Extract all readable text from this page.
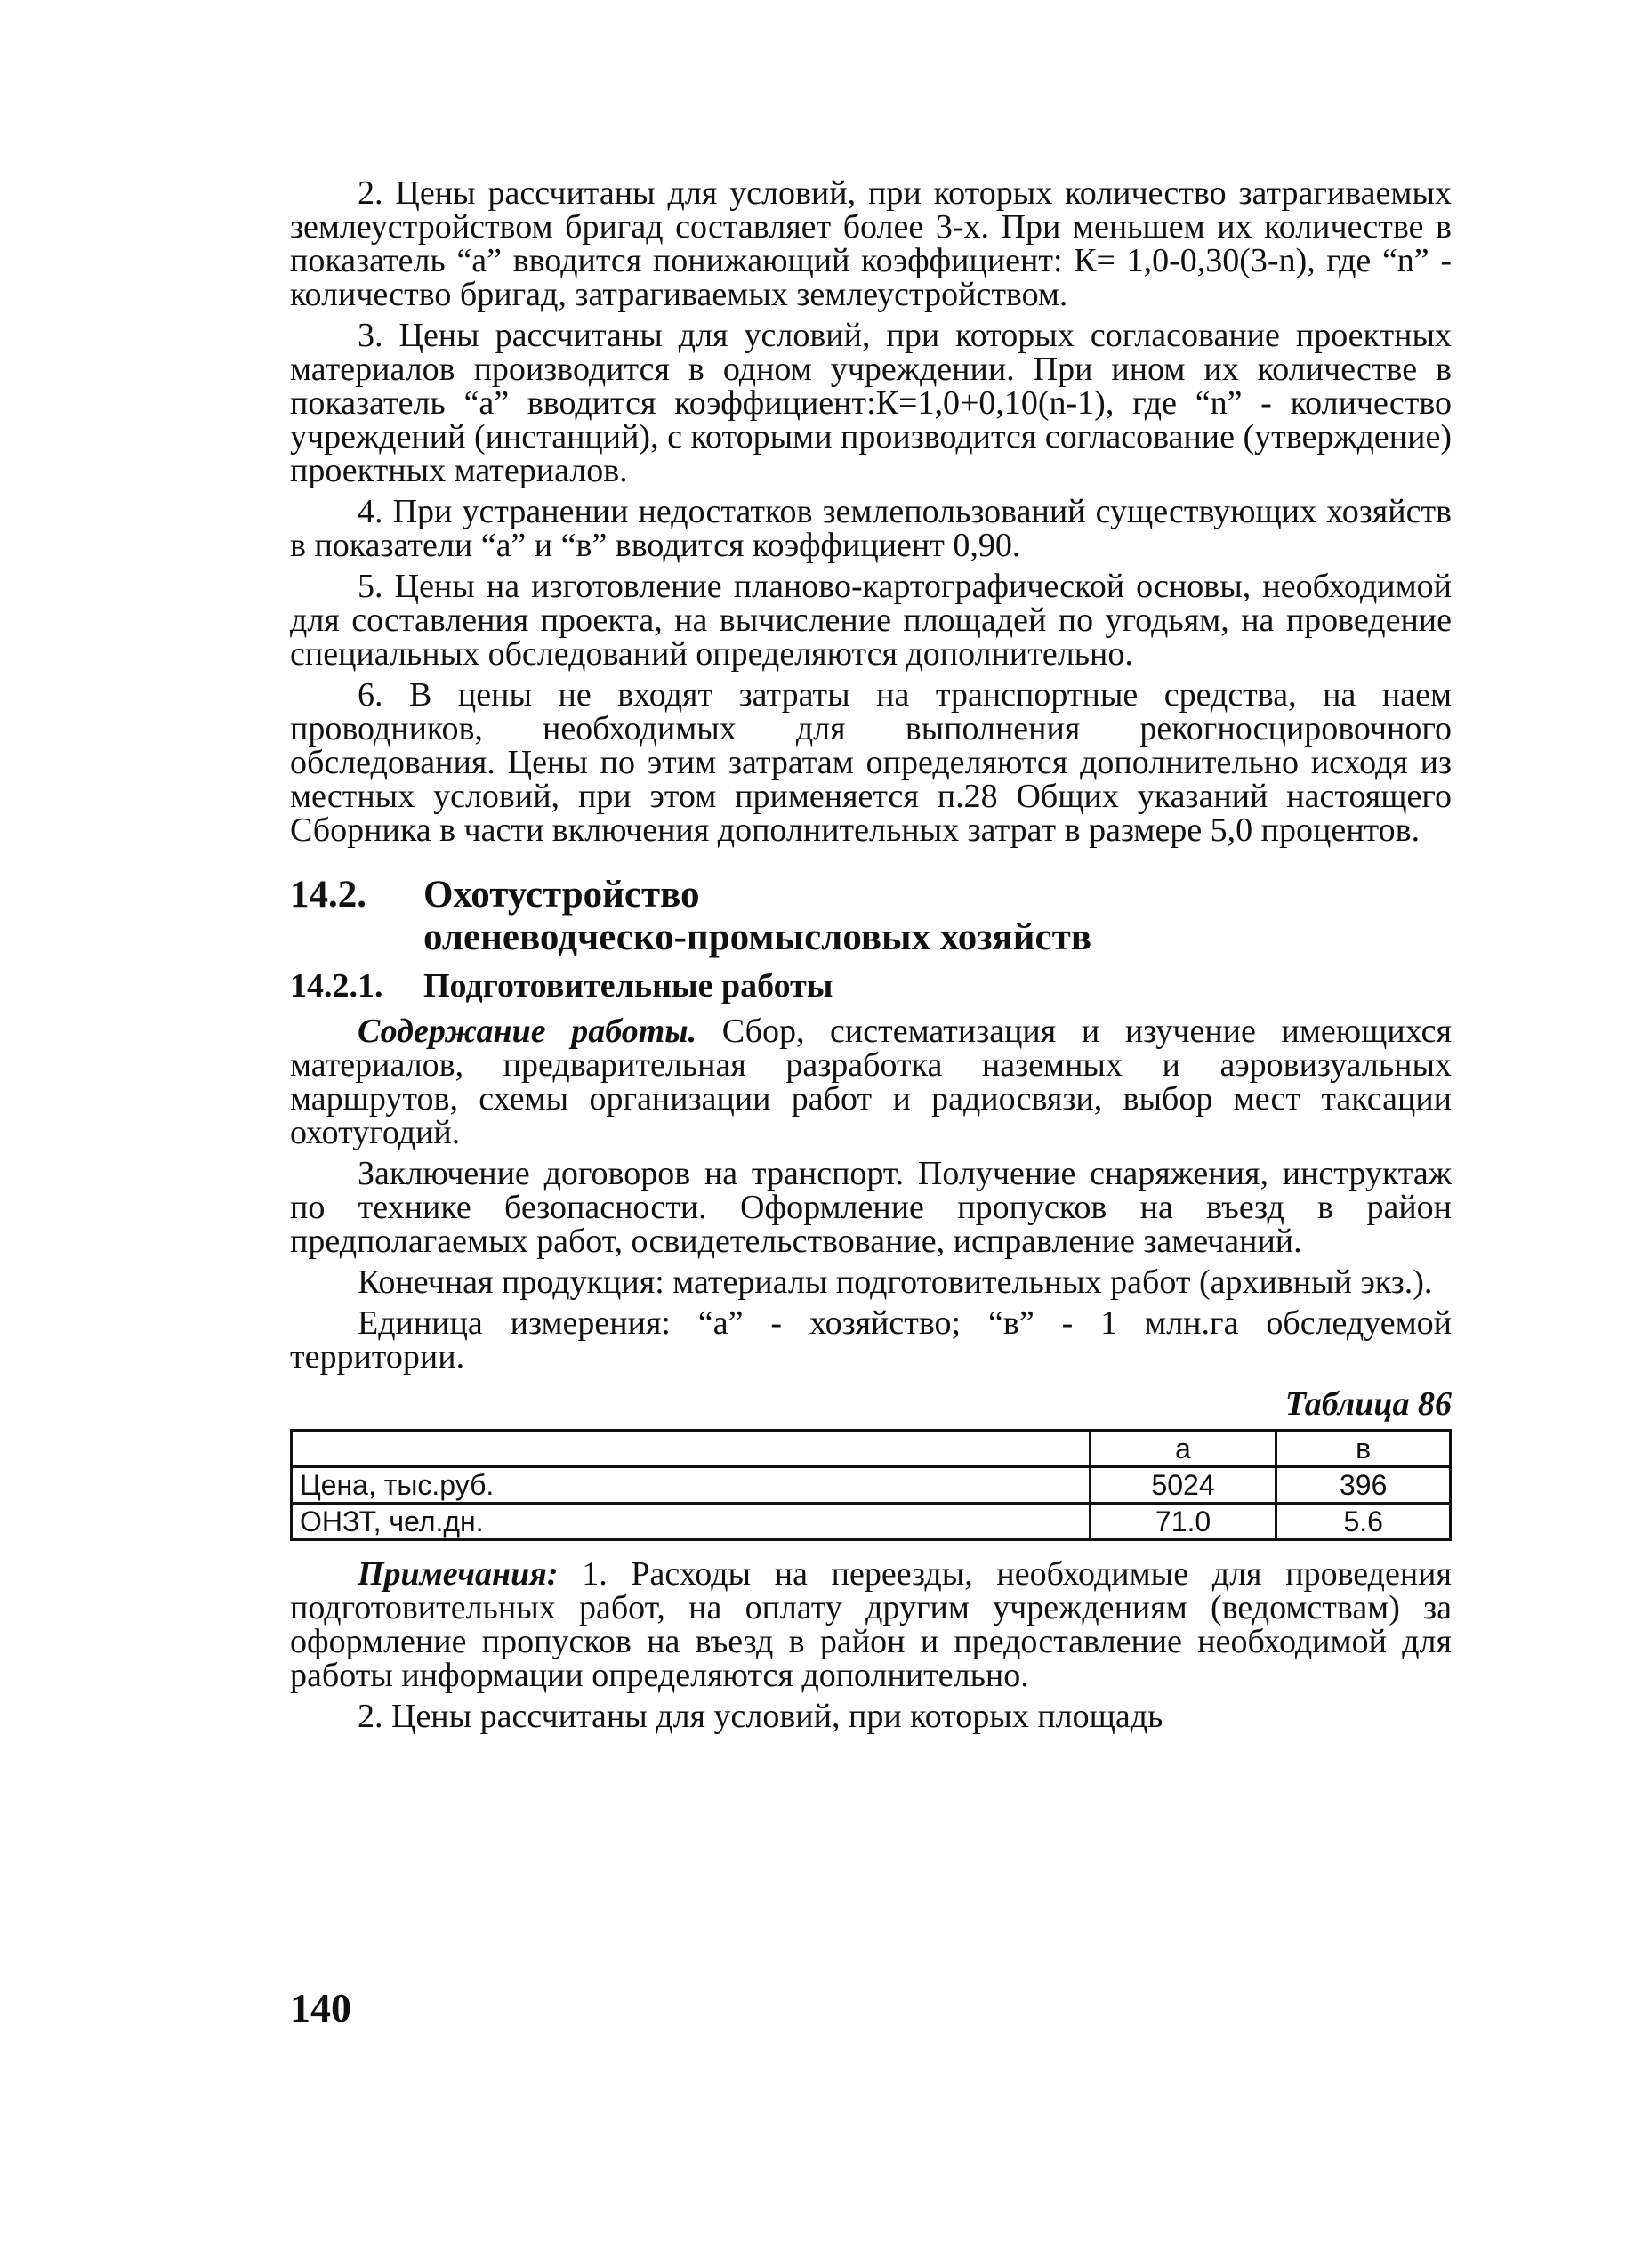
2. Цены рассчитаны для условий, при которых количество затрагиваемых землеустройством бригад составляет более 3-х. При меньшем их количестве в показатель “а” вводится понижающий коэффициент: К= 1,0-0,30(3-n), где “n” - количество бригад, затрагиваемых землеустройством.

3. Цены рассчитаны для условий, при которых согласование проектных материалов производится в одном учреждении. При ином их количестве в показатель “а” вводится коэффициент:К=1,0+0,10(n-1), где “n” - количество учреждений (инстанций), с которыми производится согласование (утверждение) проектных материалов.

4. При устранении недостатков землепользований существующих хозяйств в показатели “а” и “в” вводится коэффициент 0,90.

5. Цены на изготовление планово-картографической основы, необходимой для составления проекта, на вычисление площадей по угодьям, на проведение специальных обследований определяются дополнительно.

6. В цены не входят затраты на транспортные средства, на наем проводников, необходимых для выполнения рекогносцировочного обследования. Цены по этим затратам определяются дополнительно исходя из местных условий, при этом применяется п.28 Общих указаний настоящего Сборника в части включения дополнительных затрат в размере 5,0 процентов.

14.2. Охотустройство
оленеводческо-промысловых хозяйств
14.2.1. Подготовительные работы

Содержание работы. Сбор, систематизация и изучение имеющихся материалов, предварительная разработка наземных и аэровизуальных маршрутов, схемы организации работ и радиосвязи, выбор мест таксации охотугодий.

Заключение договоров на транспорт. Получение снаряжения, инструктаж по технике безопасности. Оформление пропусков на въезд в район предполагаемых работ, освидетельствование, исправление замечаний.

Конечная продукция: материалы подготовительных работ (архивный экз.).

Единица измерения: “а” - хозяйство; “в” - 1 млн.га обследуемой территории.

Таблица 86
	а	в
Цена, тыс.руб.	5024	396
ОНЗТ, чел.дн.	71.0	5.6

Примечания: 1. Расходы на переезды, необходимые для проведения подготовительных работ, на оплату другим учреждениям (ведомствам) за оформление пропусков на въезд в район и предоставление необходимой для работы информации определяются дополнительно.

2. Цены рассчитаны для условий, при которых площадь

140
